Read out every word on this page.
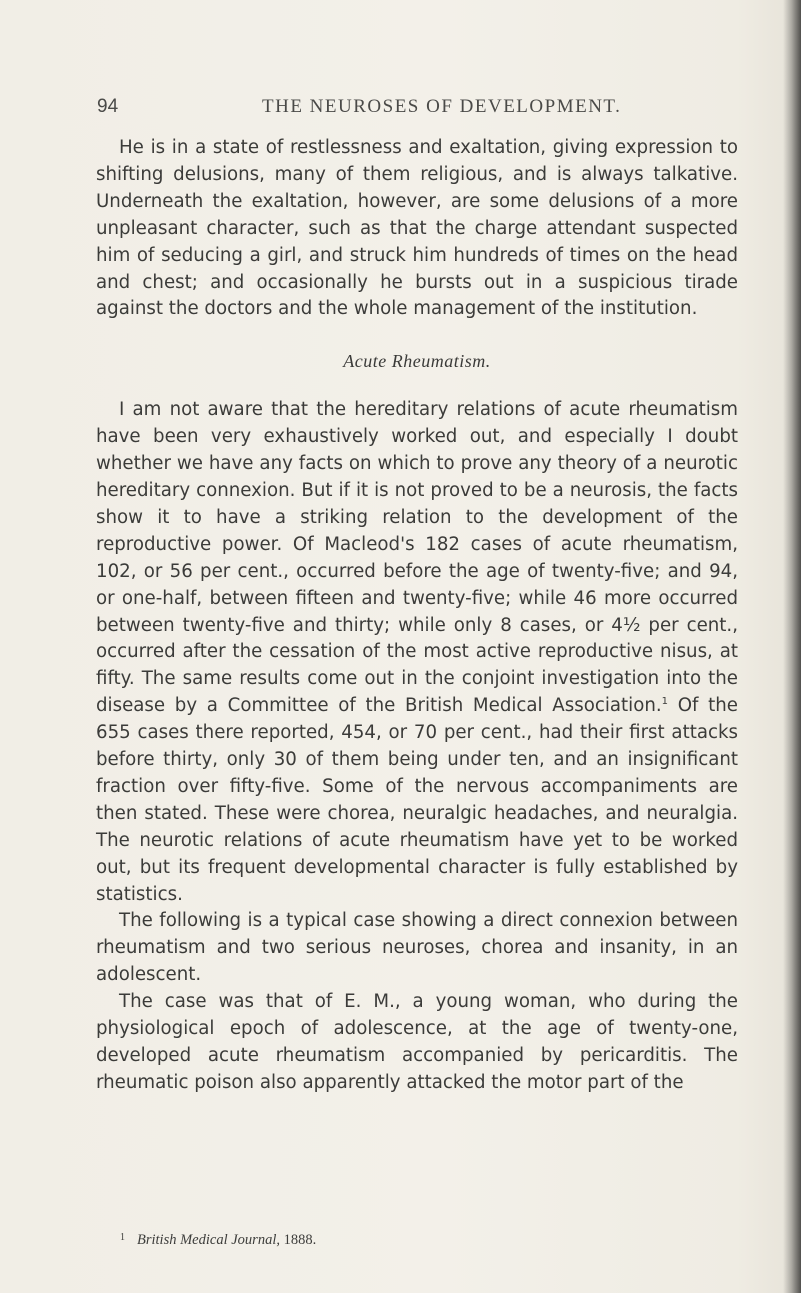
94	THE NEUROSES OF DEVELOPMENT.

He is in a state of restlessness and exaltation, giving expression to shifting delusions, many of them religious, and is always talkative. Underneath the exaltation, however, are some delusions of a more unpleasant character, such as that the charge attendant suspected him of seducing a girl, and struck him hundreds of times on the head and chest; and occasionally he bursts out in a suspicious tirade against the doctors and the whole management of the institution.

Acute Rheumatism.

I am not aware that the hereditary relations of acute rheumatism have been very exhaustively worked out, and especially I doubt whether we have any facts on which to prove any theory of a neurotic hereditary connexion. But if it is not proved to be a neurosis, the facts show it to have a striking relation to the development of the reproductive power. Of Macleod's 182 cases of acute rheumatism, 102, or 56 per cent., occurred before the age of twenty-five; and 94, or one-half, between fifteen and twenty-five; while 46 more occurred between twenty-five and thirty; while only 8 cases, or 4½ per cent., occurred after the cessation of the most active reproductive nisus, at fifty. The same results come out in the conjoint investigation into the disease by a Committee of the British Medical Association.$^1$ Of the 655 cases there reported, 454, or 70 per cent., had their first attacks before thirty, only 30 of them being under ten, and an insignificant fraction over fifty-five. Some of the nervous accompaniments are then stated. These were chorea, neuralgic headaches, and neuralgia. The neurotic relations of acute rheumatism have yet to be worked out, but its frequent developmental character is fully established by statistics.

The following is a typical case showing a direct connexion between rheumatism and two serious neuroses, chorea and insanity, in an adolescent.

The case was that of E. M., a young woman, who during the physiological epoch of adolescence, at the age of twenty-one, developed acute rheumatism accompanied by pericarditis. The rheumatic poison also apparently attacked the motor part of the

$^1$ British Medical Journal, 1888.
